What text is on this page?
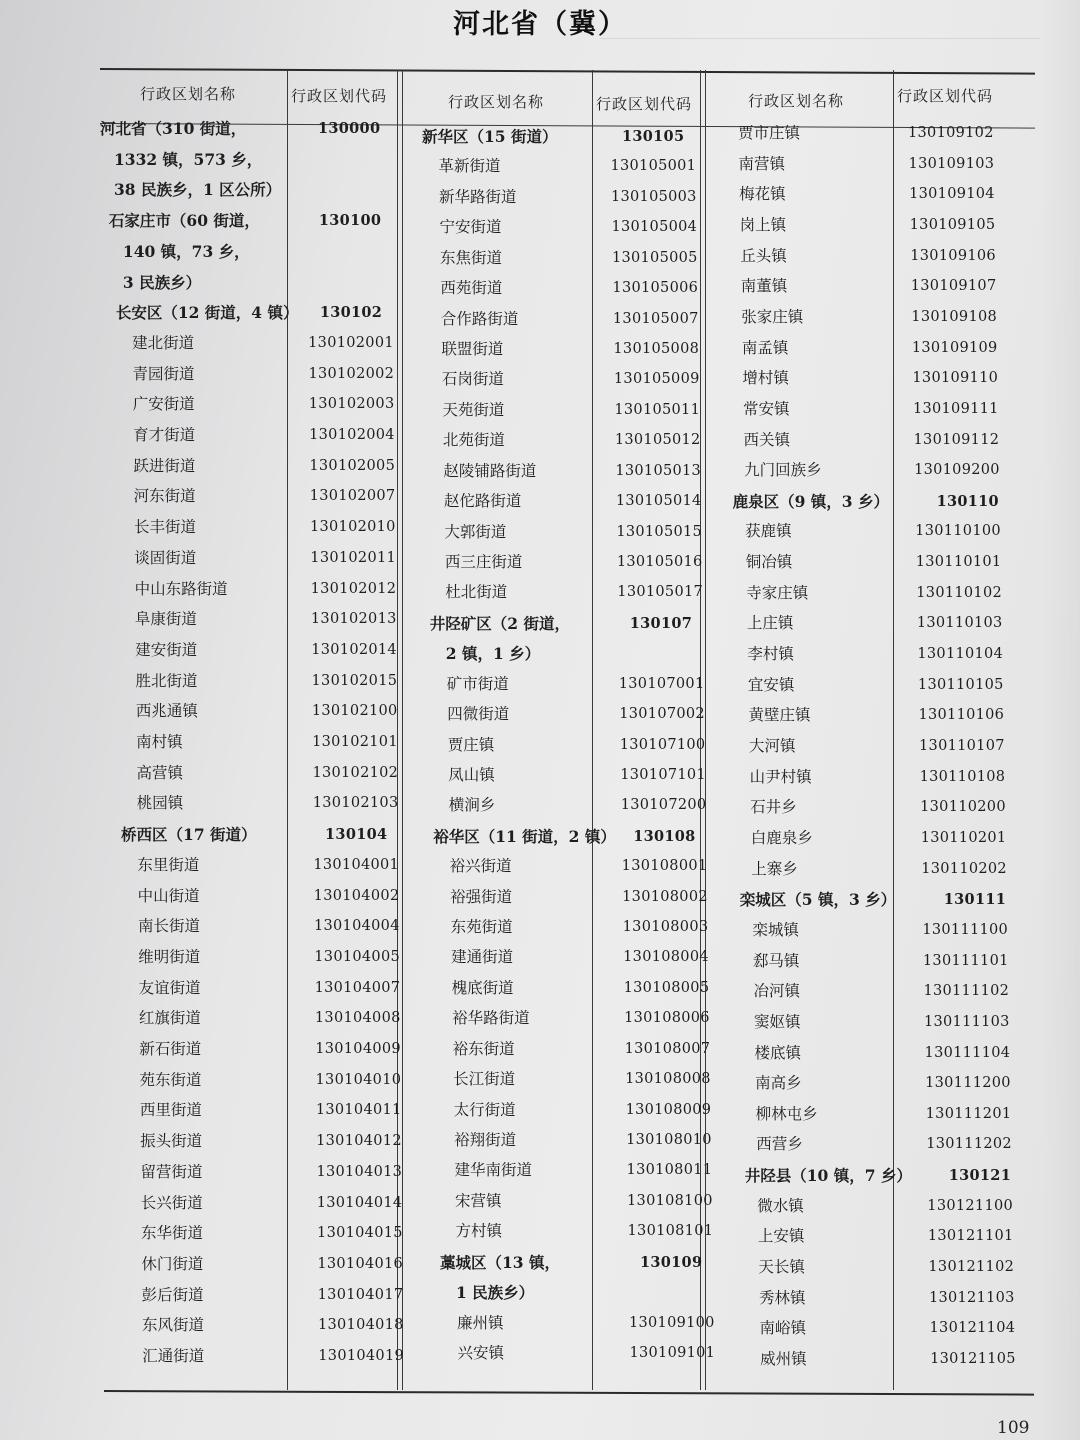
河北省（冀）
行政区划名称	行政区划代码	行政区划名称	行政区划代码	行政区划名称	行政区划代码
河北省（310 街道，
1332 镇，573 乡，
38 民族乡，1 区公所）
130000
石家庄市（60 街道，
140 镇，73 乡，
3 民族乡）
130100
长安区（12 街道，4 镇） 130102
建北街道	130102001
青园街道	130102002
广安街道	130102003
育才街道	130102004
跃进街道	130102005
河东街道	130102007
长丰街道	130102010
谈固街道	130102011
中山东路街道	130102012
阜康街道	130102013
建安街道	130102014
胜北街道	130102015
西兆通镇	130102100
南村镇	130102101
高营镇	130102102
桃园镇	130102103
桥西区（17 街道）	130104
东里街道	130104001
中山街道	130104002
南长街道	130104004
维明街道	130104005
友谊街道	130104007
红旗街道	130104008
新石街道	130104009
苑东街道	130104010
西里街道	130104011
振头街道	130104012
留营街道	130104013
长兴街道	130104014
东华街道	130104015
休门街道	130104016
彭后街道	130104017
东风街道	130104018
汇通街道	130104019
新华区（15 街道）	130105
革新街道	130105001
新华路街道	130105003
宁安街道	130105004
东焦街道	130105005
西苑街道	130105006
合作路街道	130105007
联盟街道	130105008
石岗街道	130105009
天苑街道	130105011
北苑街道	130105012
赵陵铺路街道	130105013
赵佗路街道	130105014
大郭街道	130105015
西三庄街道	130105016
杜北街道	130105017
井陉矿区（2 街道，
2 镇，1 乡）
130107
矿市街道	130107001
四微街道	130107002
贾庄镇	130107100
凤山镇	130107101
横涧乡	130107200
裕华区（11 街道，2 镇） 130108
裕兴街道	130108001
裕强街道	130108002
东苑街道	130108003
建通街道	130108004
槐底街道	130108005
裕华路街道	130108006
裕东街道	130108007
长江街道	130108008
太行街道	130108009
裕翔街道	130108010
建华南街道	130108011
宋营镇	130108100
方村镇	130108101
藁城区（13 镇，
1 民族乡）
130109
廉州镇	130109100
兴安镇	130109101
贾市庄镇	130109102
南营镇	130109103
梅花镇	130109104
岗上镇	130109105
丘头镇	130109106
南董镇	130109107
张家庄镇	130109108
南孟镇	130109109
增村镇	130109110
常安镇	130109111
西关镇	130109112
九门回族乡	130109200
鹿泉区（9 镇，3 乡）	130110
获鹿镇	130110100
铜冶镇	130110101
寺家庄镇	130110102
上庄镇	130110103
李村镇	130110104
宜安镇	130110105
黄壁庄镇	130110106
大河镇	130110107
山尹村镇	130110108
石井乡	130110200
白鹿泉乡	130110201
上寨乡	130110202
栾城区（5 镇，3 乡）	130111
栾城镇	130111100
郄马镇	130111101
冶河镇	130111102
窦妪镇	130111103
楼底镇	130111104
南高乡	130111200
柳林屯乡	130111201
西营乡	130111202
井陉县（10 镇，7 乡）	130121
微水镇	130121100
上安镇	130121101
天长镇	130121102
秀林镇	130121103
南峪镇	130121104
威州镇	130121105
109
